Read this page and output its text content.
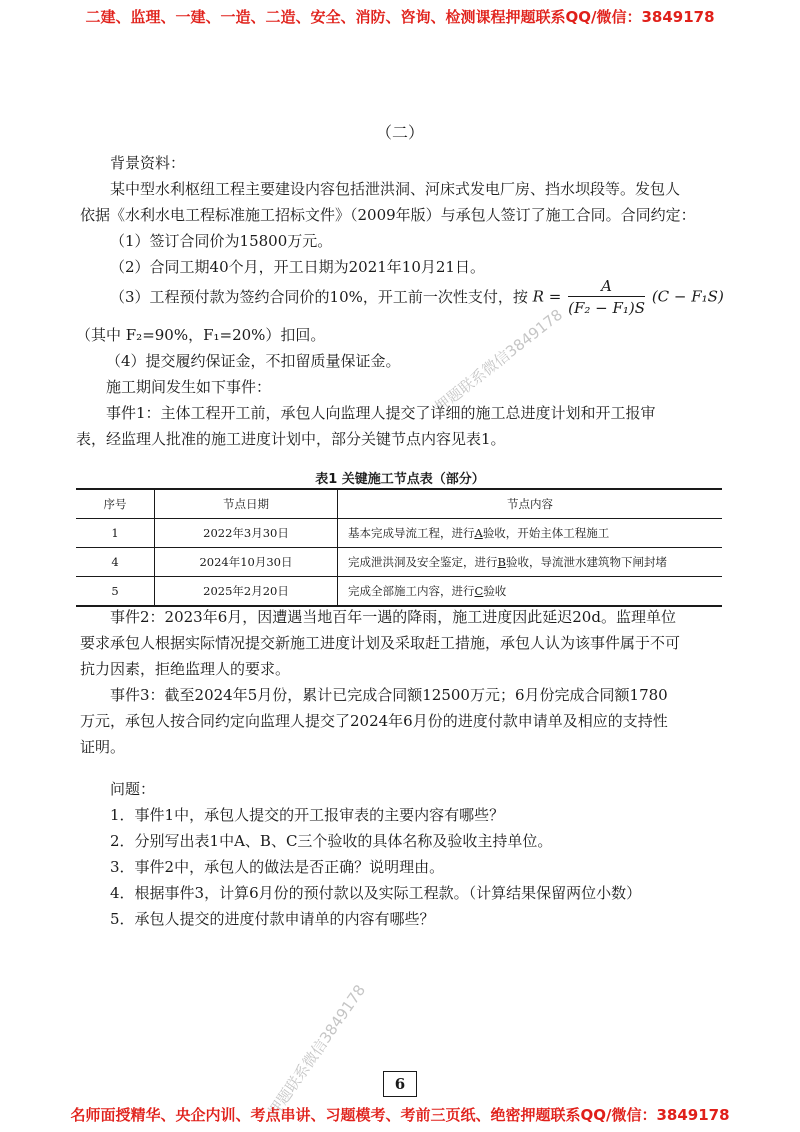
二建、监理、一建、一造、二造、安全、消防、咨询、检测课程押题联系QQ/微信：3849178
（二）
背景资料：
某中型水利枢纽工程主要建设内容包括泄洪洞、河床式发电厂房、挡水坝段等。发包人
依据《水利水电工程标准施工招标文件》（2009年版）与承包人签订了施工合同。合同约定：
（1）签订合同价为15800万元。
（2）合同工期40个月，开工日期为2021年10月21日。
（3）工程预付款为签约合同价的10%，开工前一次性支付，按 $R = \frac{A}{\text{(F₂ − F₁)S}} (C - F_1S)$
（其中 F₂=90%，F₁=20%）扣回。
（4）提交履约保证金，不扣留质量保证金。
施工期间发生如下事件：
事件1：主体工程开工前，承包人向监理人提交了详细的施工总进度计划和开工报审
表，经监理人批准的施工进度计划中，部分关键节点内容见表1。
表1 关键施工节点表（部分）
序号	节点日期	节点内容
1	2022年3月30日	基本完成导流工程，进行A验收，开始主体工程施工
4	2024年10月30日	完成泄洪洞及安全鉴定，进行B验收，导流泄水建筑物下闸封堵
5	2025年2月20日	完成全部施工内容，进行C验收
事件2：2023年6月，因遭遇当地百年一遇的降雨，施工进度因此延迟20d。监理单位
要求承包人根据实际情况提交新施工进度计划及采取赶工措施，承包人认为该事件属于不可
抗力因素，拒绝监理人的要求。
事件3：截至2024年5月份，累计已完成合同额12500万元；6月份完成合同额1780
万元，承包人按合同约定向监理人提交了2024年6月份的进度付款申请单及相应的支持性
证明。
问题：
1．事件1中，承包人提交的开工报审表的主要内容有哪些？
2．分别写出表1中A、B、C三个验收的具体名称及验收主持单位。
3．事件2中，承包人的做法是否正确？说明理由。
4．根据事件3，计算6月份的预付款以及实际工程款。（计算结果保留两位小数）
5．承包人提交的进度付款申请单的内容有哪些？
押题联系微信3849178
押题联系微信3849178	6
名师面授精华、央企内训、考点串讲、习题模考、考前三页纸、绝密押题联系QQ/微信：3849178
